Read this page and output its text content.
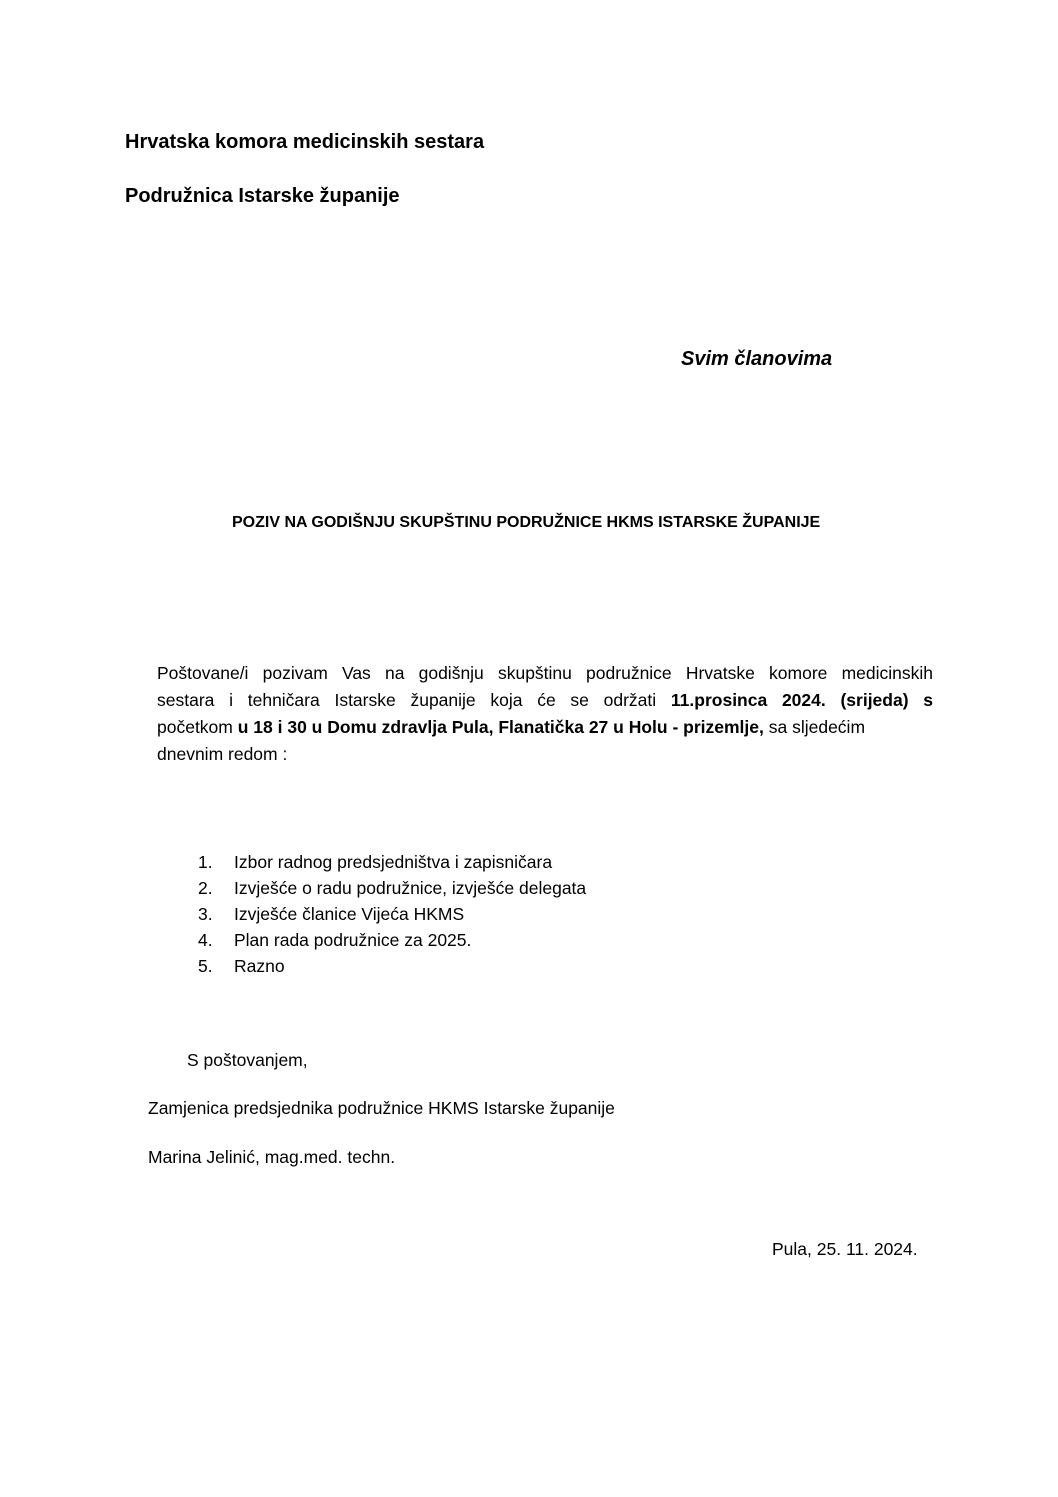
Hrvatska komora medicinskih sestara
Podružnica Istarske županije
Svim članovima
POZIV NA GODIŠNJU SKUPŠTINU PODRUŽNICE HKMS ISTARSKE ŽUPANIJE
Poštovane/i pozivam Vas na godišnju skupštinu podružnice Hrvatske komore medicinskih
sestara i tehničara Istarske županije koja će se održati 11.prosinca 2024. (srijeda) s
početkom u 18 i 30 u Domu zdravlja Pula, Flanatička 27 u Holu - prizemlje, sa sljedećim
dnevnim redom :
1.	Izbor radnog predsjedništva i zapisničara
2.	Izvješće o radu podružnice, izvješće delegata
3.	Izvješće članice Vijeća HKMS
4.	Plan rada podružnice za 2025.
5.	Razno
S poštovanjem,
Zamjenica predsjednika podružnice HKMS Istarske županije
Marina Jelinić, mag.med. techn.
Pula, 25. 11. 2024.
